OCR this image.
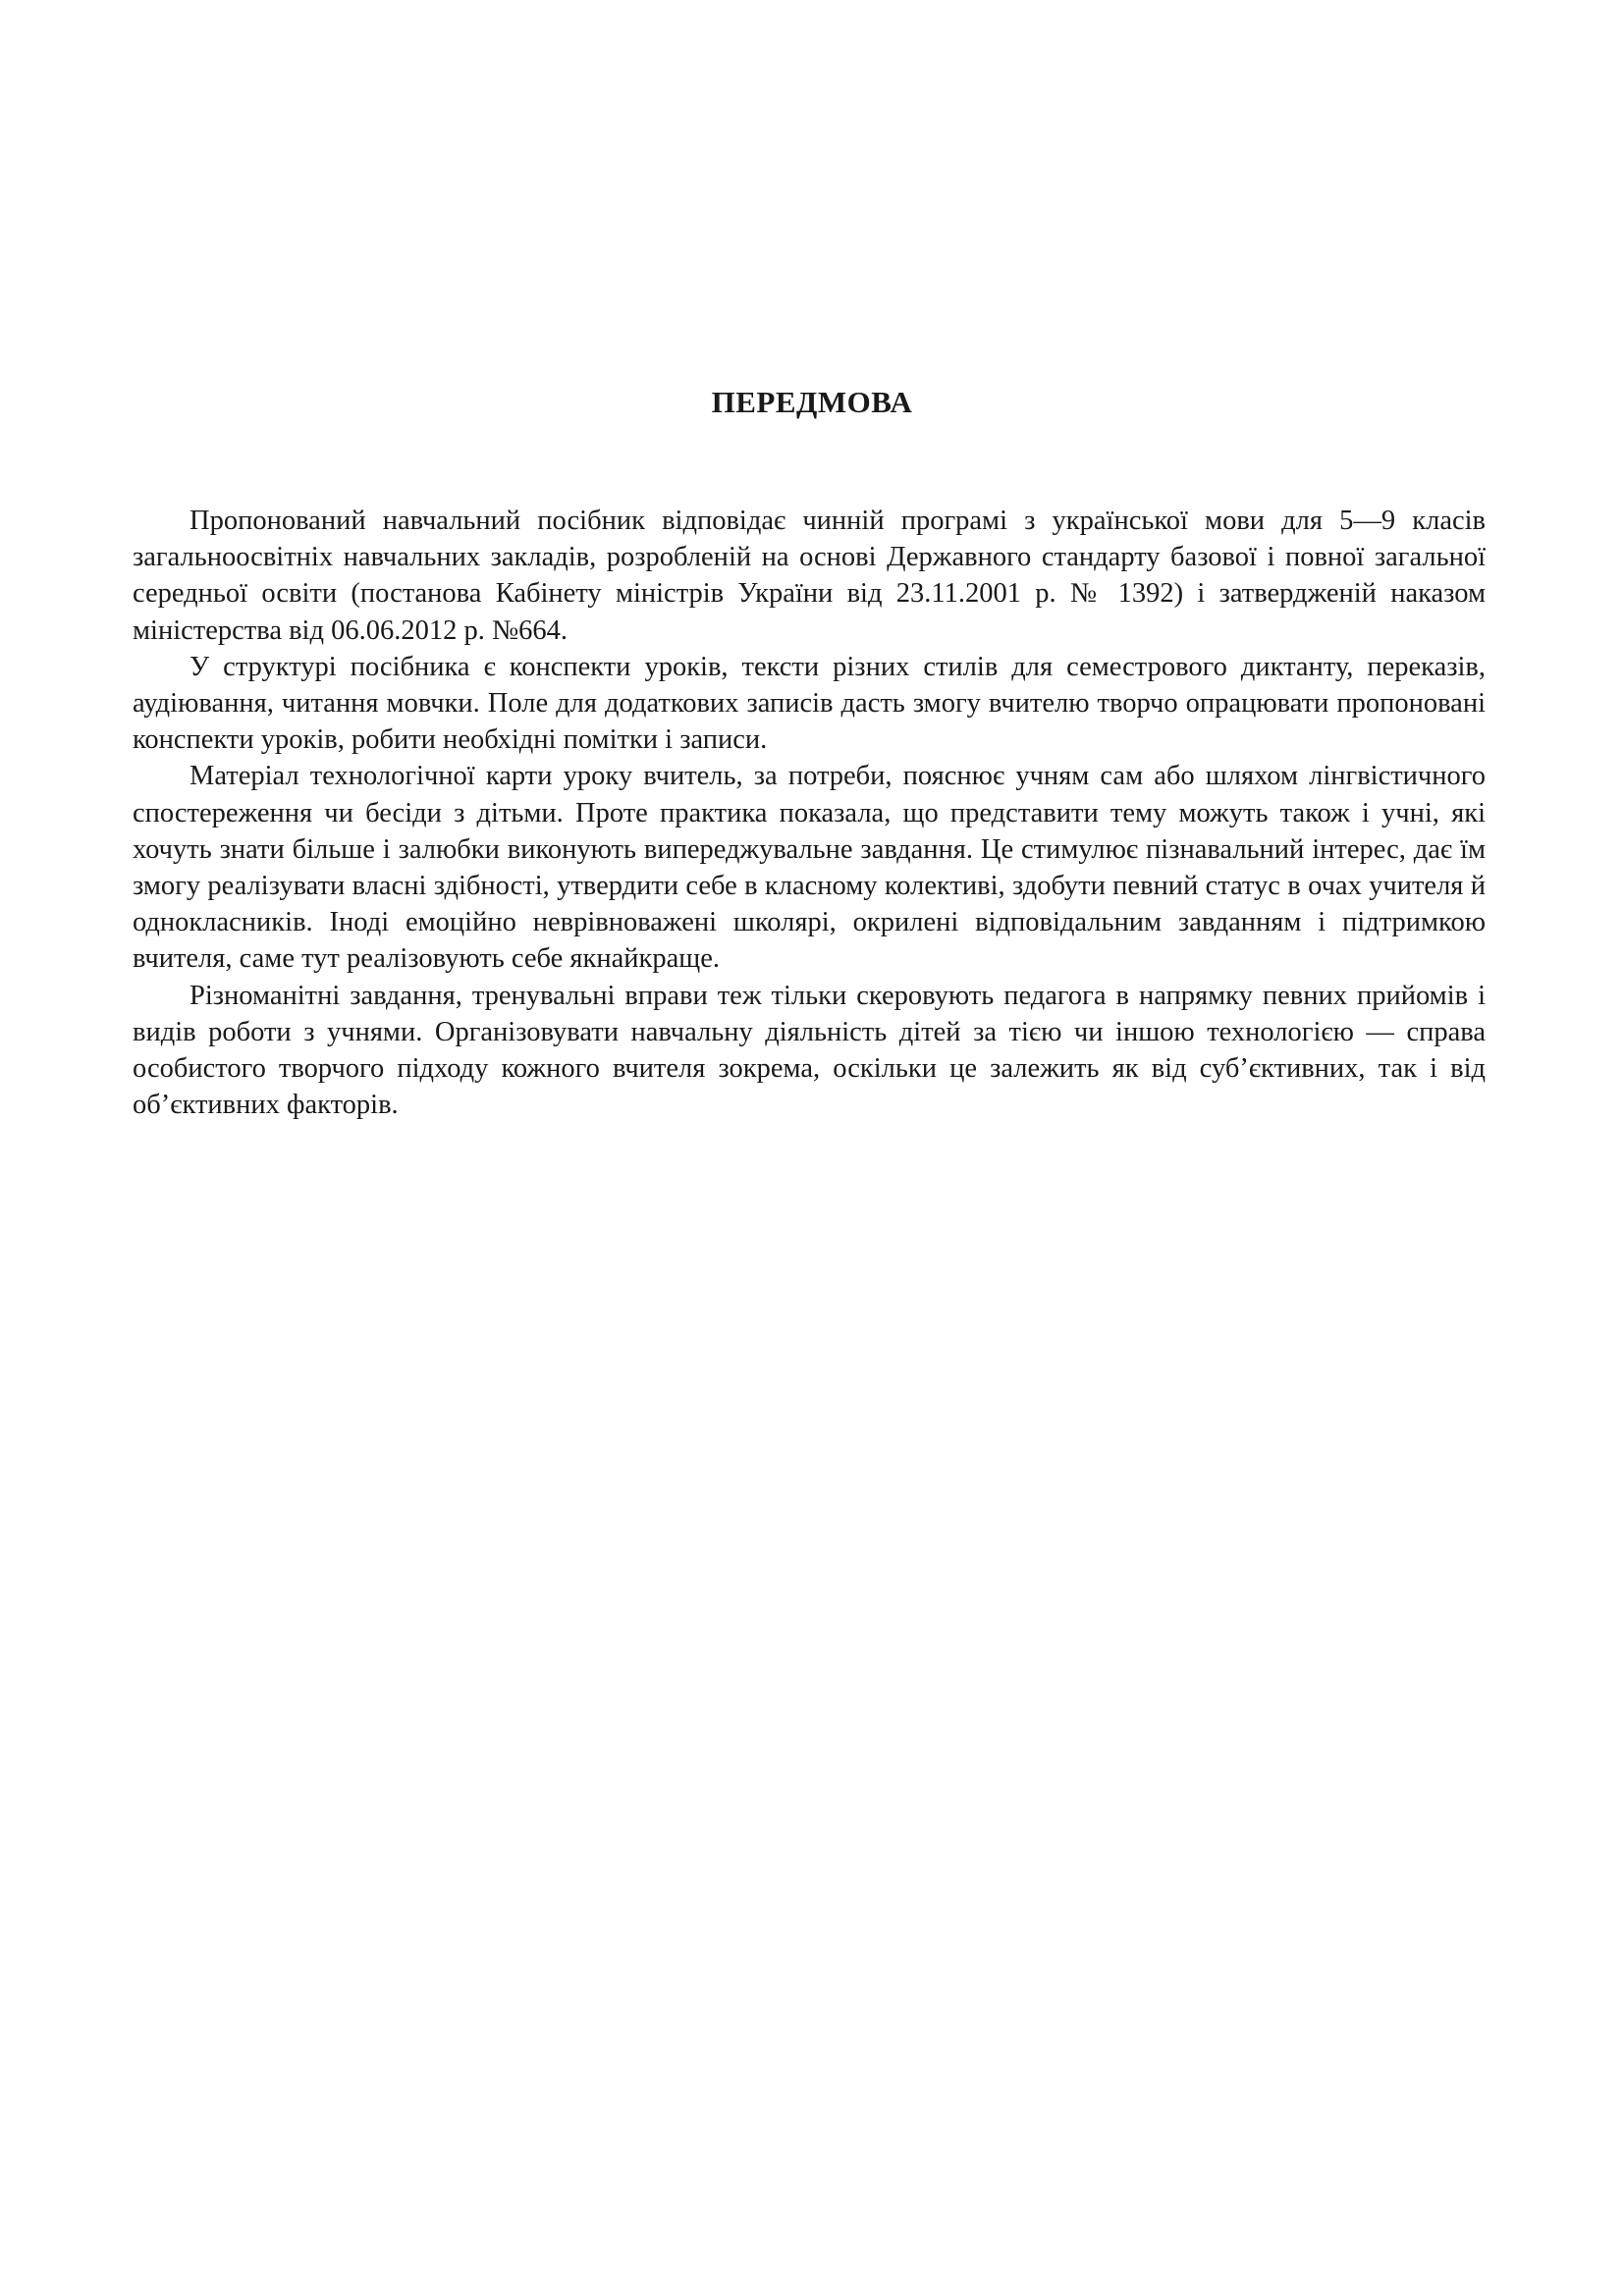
ПЕРЕДМОВА

Пропонований навчальний посібник відповідає чинній програмі з української мови для 5—9 класів загальноосвітніх навчальних закладів, розробленій на основі Державного стандарту базової і повної загальної середньої освіти (постанова Кабінету міністрів України від 23.11.2001 р. № 1392) і затвердженій наказом міністерства від 06.06.2012 р. №664.

У структурі посібника є конспекти уроків, тексти різних стилів для семестрового диктанту, переказів, аудіювання, читання мовчки. Поле для додаткових записів дасть змогу вчителю творчо опрацювати пропоновані конспекти уроків, робити необхідні помітки і записи.

Матеріал технологічної карти уроку вчитель, за потреби, пояснює учням сам або шляхом лінгвістичного спостереження чи бесіди з дітьми. Проте практика показала, що представити тему можуть також і учні, які хочуть знати більше і залюбки виконують випереджувальне завдання. Це стимулює пізнавальний інтерес, дає їм змогу реалізувати власні здібності, утвердити себе в класному колективі, здобути певний статус в очах учителя й однокласників. Іноді емоційно неврівноважені школярі, окрилені відповідальним завданням і підтримкою вчителя, саме тут реалізовують себе якнайкраще.

Різноманітні завдання, тренувальні вправи теж тільки скеровують педагога в напрямку певних прийомів і видів роботи з учнями. Організовувати навчальну діяльність дітей за тією чи іншою технологією — справа особистого творчого підходу кожного вчителя зокрема, оскільки це залежить як від суб’єктивних, так і від об’єктивних факторів.
